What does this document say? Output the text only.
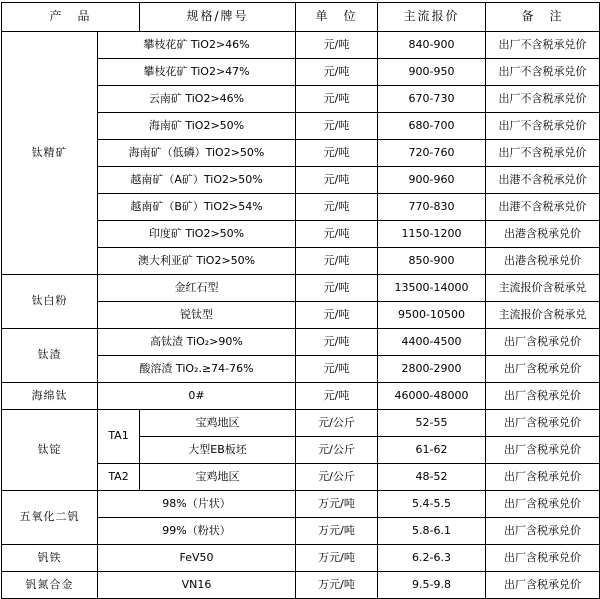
产　品		规格/牌号	单　位	主流报价	备　注
钛精矿	攀枝花矿 TiO2>46%		元/吨	840-900	出厂不含税承兑价
	攀枝花矿 TiO2>47%		元/吨	900-950	出厂不含税承兑价
	云南矿 TiO2>46%		元/吨	670-730	出厂不含税承兑价
	海南矿 TiO2>50%		元/吨	680-700	出厂不含税承兑价
	海南矿（低磷）TiO2>50%		元/吨	720-760	出厂不含税承兑价
	越南矿（A矿）TiO2>50%		元/吨	900-960	出港不含税承兑价
	越南矿（B矿）TiO2>54%		元/吨	770-830	出港不含税承兑价
	印度矿 TiO2>50%		元/吨	1150-1200	出港含税承兑价
	澳大利亚矿 TiO2>50%		元/吨	850-900	出港含税承兑价
钛白粉	金红石型		元/吨	13500-14000	主流报价含税承兑
	锐钛型		元/吨	9500-10500	主流报价含税承兑
钛渣	高钛渣 TiO₂>90%		元/吨	4400-4500	出厂含税承兑价
	酸溶渣 TiO₂.≥74-76%		元/吨	2800-2900	出厂含税承兑价
海绵钛	0#		元/吨	46000-48000	出厂含税承兑价
钛锭	TA1	宝鸡地区	元/公斤	52-55	出厂含税承兑价
		大型EB板坯	元/公斤	61-62	出厂含税承兑价
	TA2	宝鸡地区	元/公斤	48-52	出厂含税承兑价
五氧化二钒	98%（片状）		万元/吨	5.4-5.5	出厂含税承兑价
	99%（粉状）		万元/吨	5.8-6.1	出厂含税承兑价
钒铁	FeV50		万元/吨	6.2-6.3	出厂含税承兑价
钒氮合金	VN16		万元/吨	9.5-9.8	出厂含税承兑价
